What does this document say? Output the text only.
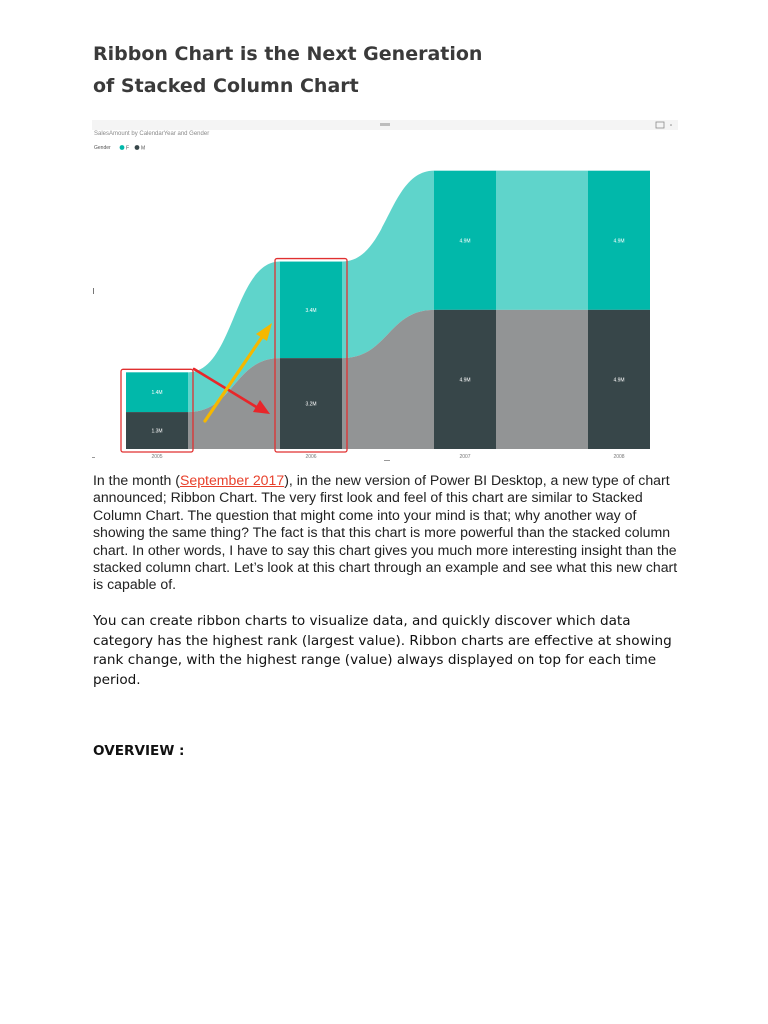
Ribbon Chart is the Next Generation
of Stacked Column Chart
SalesAmount by CalendarYear and Gender
Gender	F M
1.4M
1.3M
2005
3.4M
3.2M
2006
4.9M
4.9M
2007
4.9M
4.9M
2008

In the month (September 2017), in the new version of Power BI Desktop, a new type of chart announced; Ribbon Chart. The very first look and feel of this chart are similar to Stacked Column Chart. The question that might come into your mind is that; why another way of showing the same thing? The fact is that this chart is more powerful than the stacked column chart. In other words, I have to say this chart gives you much more interesting insight than the stacked column chart. Let’s look at this chart through an example and see what this new chart is capable of.

You can create ribbon charts to visualize data, and quickly discover which data category has the highest rank (largest value). Ribbon charts are effective at showing rank change, with the highest range (value) always displayed on top for each time period.

OVERVIEW :
